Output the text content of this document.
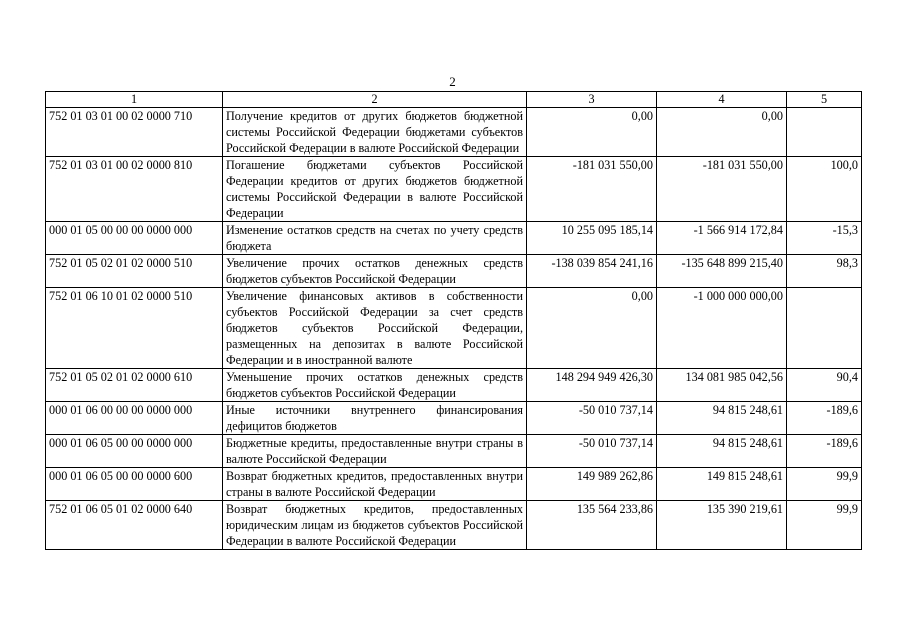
2
1	2	3	4	5
752 01 03 01 00 02 0000 710	Получение кредитов от других бюджетов бюджетной системы Российской Федерации бюджетами субъектов Российской Федерации в валюте Российской Федерации	0,00	0,00	
752 01 03 01 00 02 0000 810	Погашение бюджетами субъектов Российской Федерации кредитов от других бюджетов бюджетной системы Российской Федерации в валюте Российской Федерации	-181 031 550,00	-181 031 550,00	100,0
000 01 05 00 00 00 0000 000	Изменение остатков средств на счетах по учету средств бюджета	10 255 095 185,14	-1 566 914 172,84	-15,3
752 01 05 02 01 02 0000 510	Увеличение прочих остатков денежных средств бюджетов субъектов Российской Федерации	-138 039 854 241,16	-135 648 899 215,40	98,3
752 01 06 10 01 02 0000 510	Увеличение финансовых активов в собственности субъектов Российской Федерации за счет средств бюджетов субъектов Российской Федерации, размещенных на депозитах в валюте Российской Федерации и в иностранной валюте	0,00	-1 000 000 000,00	
752 01 05 02 01 02 0000 610	Уменьшение прочих остатков денежных средств бюджетов субъектов Российской Федерации	148 294 949 426,30	134 081 985 042,56	90,4
000 01 06 00 00 00 0000 000	Иные источники внутреннего финансирования дефицитов бюджетов	-50 010 737,14	94 815 248,61	-189,6
000 01 06 05 00 00 0000 000	Бюджетные кредиты, предоставленные внутри страны в валюте Российской Федерации	-50 010 737,14	94 815 248,61	-189,6
000 01 06 05 00 00 0000 600	Возврат бюджетных кредитов, предоставленных внутри страны в валюте Российской Федерации	149 989 262,86	149 815 248,61	99,9
752 01 06 05 01 02 0000 640	Возврат бюджетных кредитов, предоставленных юридическим лицам из бюджетов субъектов Российской Федерации в валюте Российской Федерации	135 564 233,86	135 390 219,61	99,9
